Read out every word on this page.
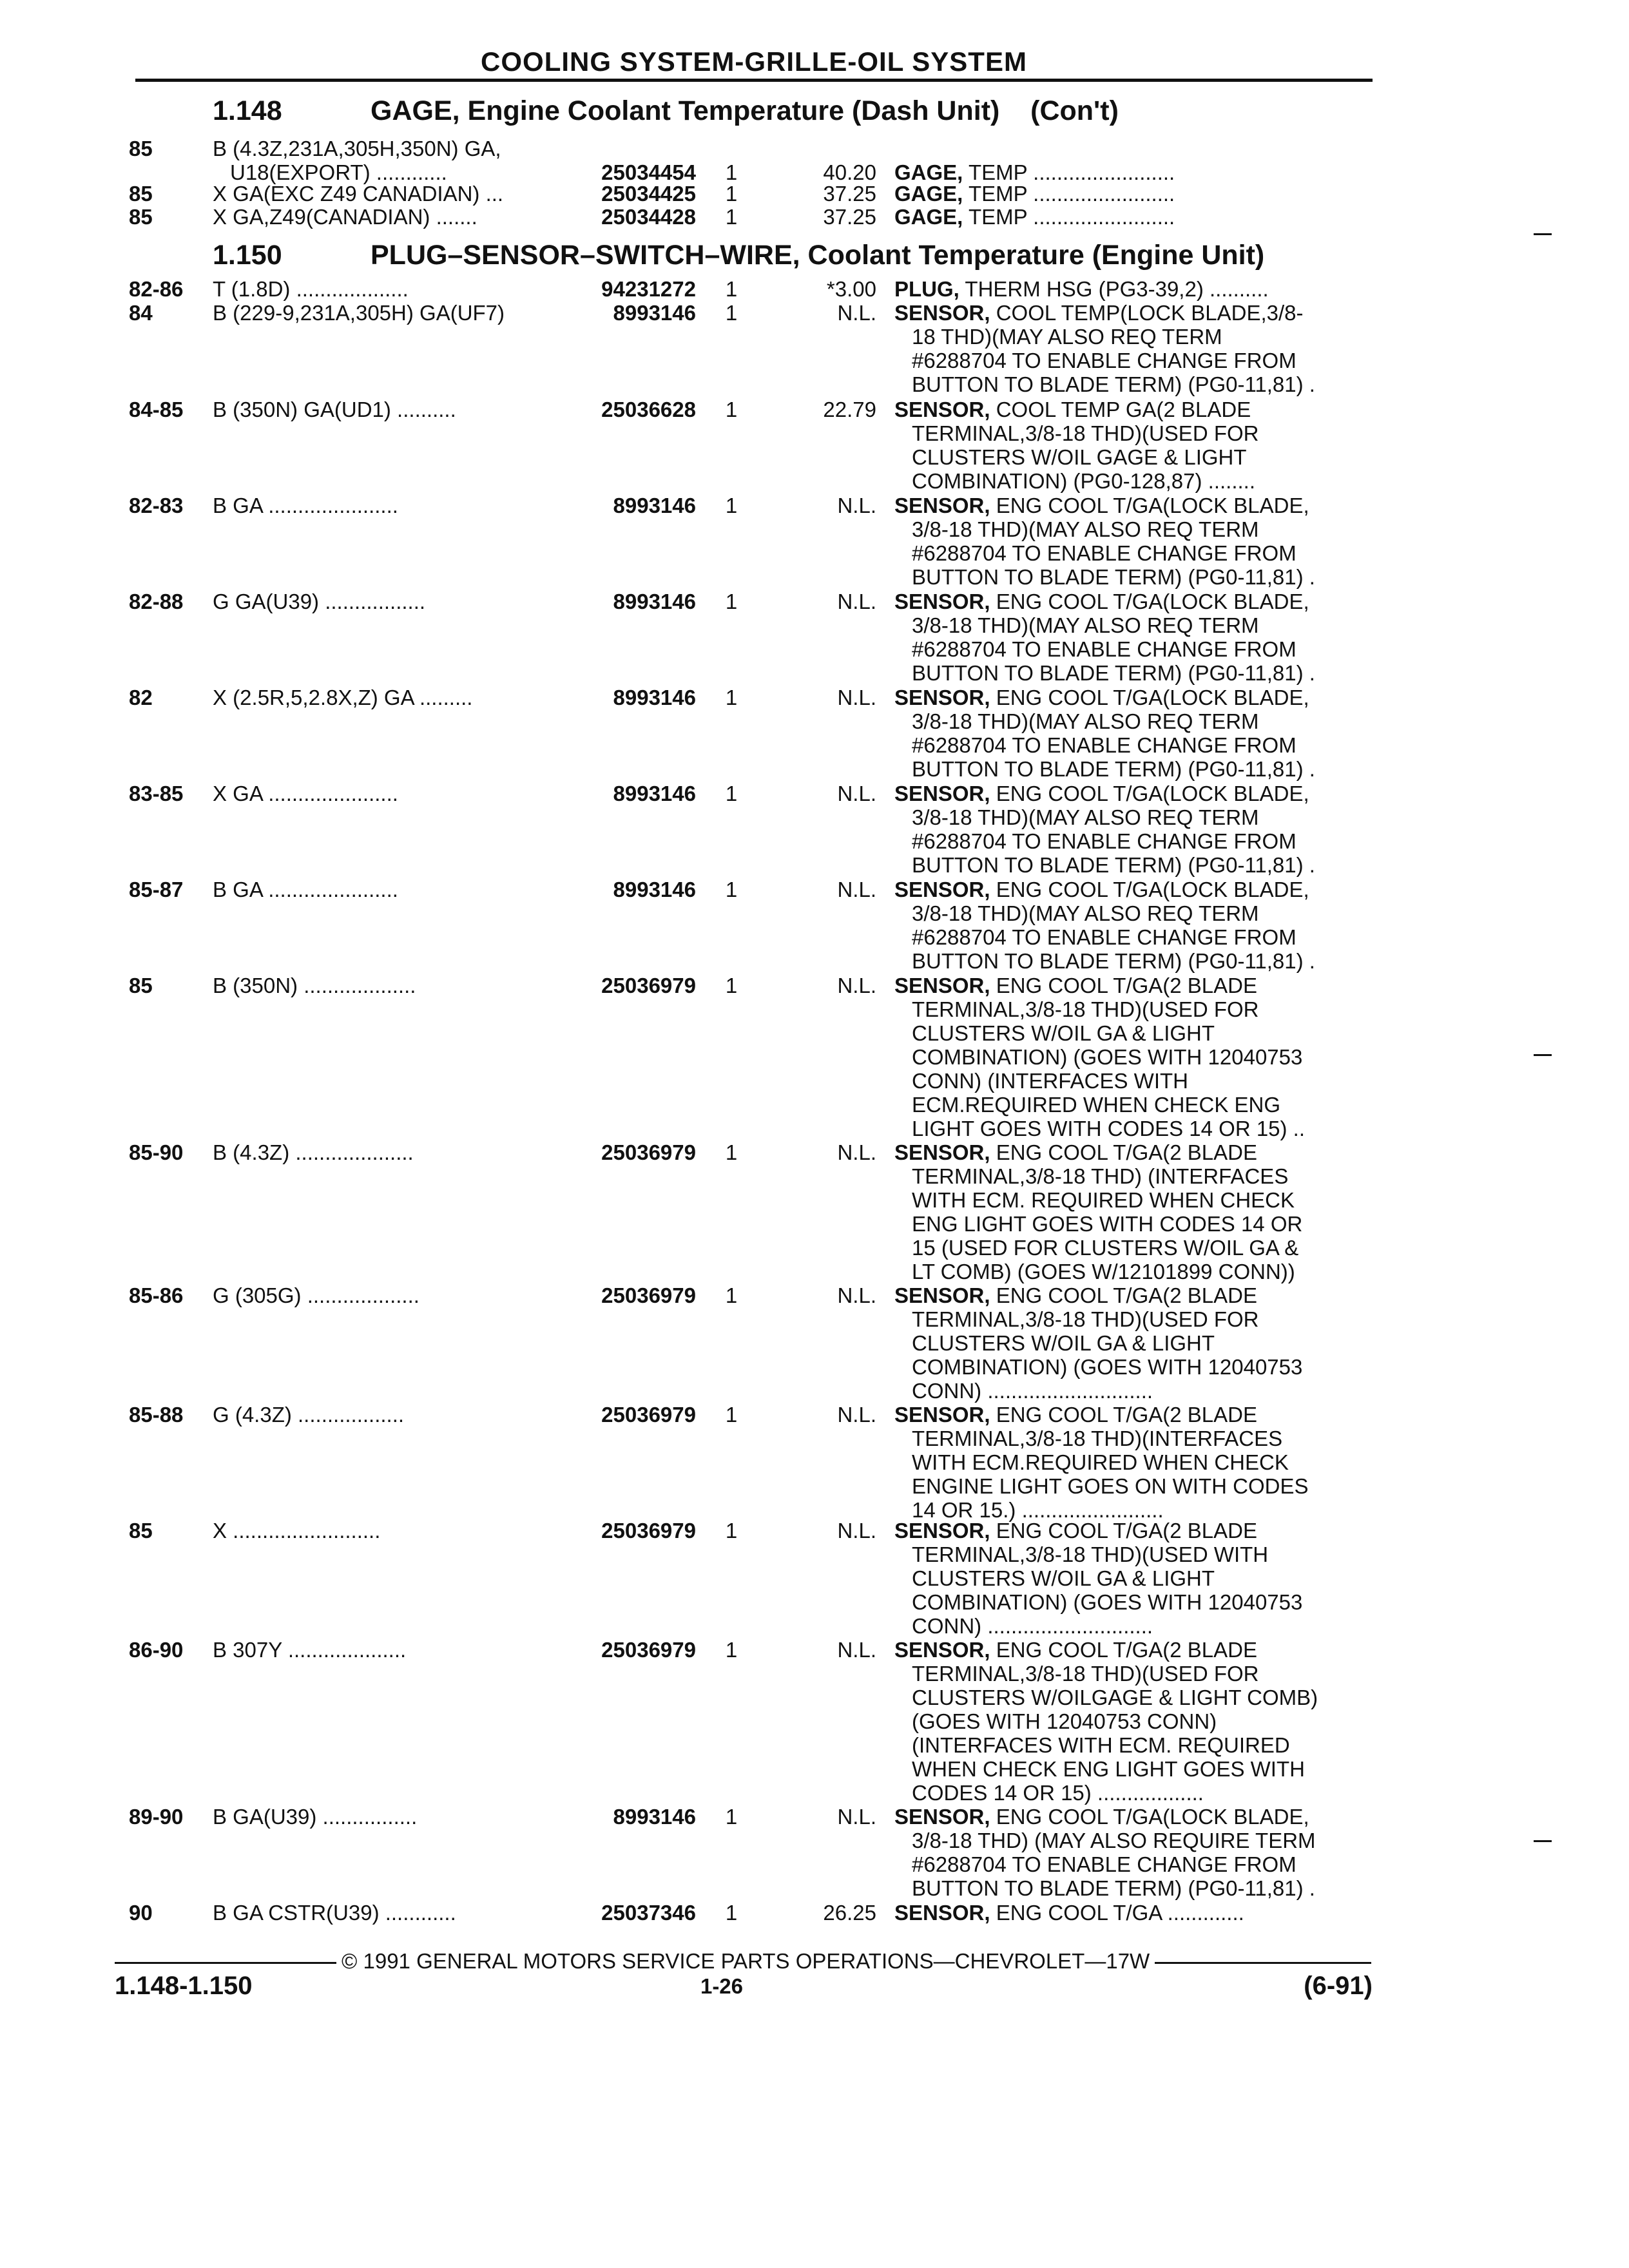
COOLING SYSTEM-GRILLE-OIL SYSTEM
1.148	GAGE, Engine Coolant Temperature (Dash Unit)    (Con't)
85	B (4.3Z,231A,305H,350N) GA,
U18(EXPORT) ............	25034454 1	40.20 GAGE, TEMP ........................
85	X GA(EXC Z49 CANADIAN) ...	25034425 1	37.25 GAGE, TEMP ........................
85	X GA,Z49(CANADIAN) .......	25034428 1	37.25 GAGE, TEMP ........................
1.150	PLUG–SENSOR–SWITCH–WIRE, Coolant Temperature (Engine Unit)
82-86 T (1.8D) ...................	94231272 1	*3.00 PLUG, THERM HSG (PG3-39,2) ..........
84	B (229-9,231A,305H) GA(UF7)	8993146 1	N.L. SENSOR, COOL TEMP(LOCK BLADE,3/8-
18 THD)(MAY ALSO REQ TERM
#6288704 TO ENABLE CHANGE FROM
BUTTON TO BLADE TERM) (PG0-11,81) .
84-85 B (350N) GA(UD1) ..........	25036628 1	22.79 SENSOR, COOL TEMP GA(2 BLADE
TERMINAL,3/8-18 THD)(USED FOR
CLUSTERS W/OIL GAGE & LIGHT
COMBINATION) (PG0-128,87) ........
82-83 B GA ......................	8993146 1	N.L. SENSOR, ENG COOL T/GA(LOCK BLADE,
3/8-18 THD)(MAY ALSO REQ TERM
#6288704 TO ENABLE CHANGE FROM
BUTTON TO BLADE TERM) (PG0-11,81) .
82-88 G GA(U39) .................	8993146 1	N.L. SENSOR, ENG COOL T/GA(LOCK BLADE,
3/8-18 THD)(MAY ALSO REQ TERM
#6288704 TO ENABLE CHANGE FROM
BUTTON TO BLADE TERM) (PG0-11,81) .
82	X (2.5R,5,2.8X,Z) GA .........	8993146 1	N.L. SENSOR, ENG COOL T/GA(LOCK BLADE,
3/8-18 THD)(MAY ALSO REQ TERM
#6288704 TO ENABLE CHANGE FROM
BUTTON TO BLADE TERM) (PG0-11,81) .
83-85 X GA ......................	8993146 1	N.L. SENSOR, ENG COOL T/GA(LOCK BLADE,
3/8-18 THD)(MAY ALSO REQ TERM
#6288704 TO ENABLE CHANGE FROM
BUTTON TO BLADE TERM) (PG0-11,81) .
85-87 B GA ......................	8993146 1	N.L. SENSOR, ENG COOL T/GA(LOCK BLADE,
3/8-18 THD)(MAY ALSO REQ TERM
#6288704 TO ENABLE CHANGE FROM
BUTTON TO BLADE TERM) (PG0-11,81) .
85	B (350N) ...................	25036979 1	N.L. SENSOR, ENG COOL T/GA(2 BLADE
TERMINAL,3/8-18 THD)(USED FOR
CLUSTERS W/OIL GA & LIGHT
COMBINATION) (GOES WITH 12040753
CONN) (INTERFACES WITH
ECM.REQUIRED WHEN CHECK ENG
LIGHT GOES WITH CODES 14 OR 15) ..
85-90 B (4.3Z) ....................	25036979 1	N.L. SENSOR, ENG COOL T/GA(2 BLADE
TERMINAL,3/8-18 THD) (INTERFACES
WITH ECM. REQUIRED WHEN CHECK
ENG LIGHT GOES WITH CODES 14 OR
15 (USED FOR CLUSTERS W/OIL GA &
LT COMB) (GOES W/12101899 CONN))
85-86 G (305G) ...................	25036979 1	N.L. SENSOR, ENG COOL T/GA(2 BLADE
TERMINAL,3/8-18 THD)(USED FOR
CLUSTERS W/OIL GA & LIGHT
COMBINATION) (GOES WITH 12040753
CONN) ............................
85-88 G (4.3Z) ..................	25036979 1	N.L. SENSOR, ENG COOL T/GA(2 BLADE
TERMINAL,3/8-18 THD)(INTERFACES
WITH ECM.REQUIRED WHEN CHECK
ENGINE LIGHT GOES ON WITH CODES
14 OR 15.) ........................
85	X .........................	25036979 1	N.L. SENSOR, ENG COOL T/GA(2 BLADE
TERMINAL,3/8-18 THD)(USED WITH
CLUSTERS W/OIL GA & LIGHT
COMBINATION) (GOES WITH 12040753
CONN) ............................
86-90 B 307Y ....................	25036979 1	N.L. SENSOR, ENG COOL T/GA(2 BLADE
TERMINAL,3/8-18 THD)(USED FOR
CLUSTERS W/OILGAGE & LIGHT COMB)
(GOES WITH 12040753 CONN)
(INTERFACES WITH ECM. REQUIRED
WHEN CHECK ENG LIGHT GOES WITH
CODES 14 OR 15) ..................
89-90 B GA(U39) ................	8993146 1	N.L. SENSOR, ENG COOL T/GA(LOCK BLADE,
3/8-18 THD) (MAY ALSO REQUIRE TERM
#6288704 TO ENABLE CHANGE FROM
BUTTON TO BLADE TERM) (PG0-11,81) .
90	B GA CSTR(U39) ............	25037346 1	26.25 SENSOR, ENG COOL T/GA .............
© 1991 GENERAL MOTORS SERVICE PARTS OPERATIONS—CHEVROLET—17W
1.148-1.150	1-26	(6-91)
